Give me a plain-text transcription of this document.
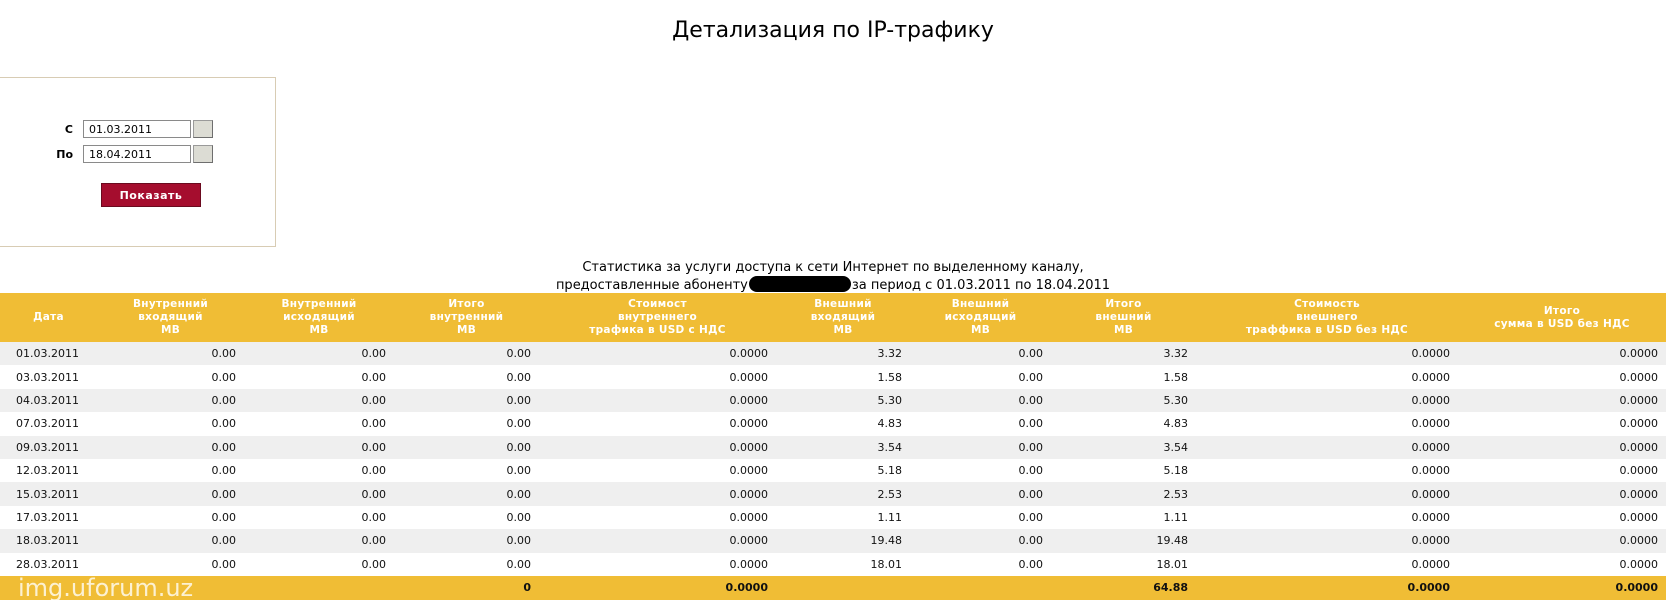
Детализация по IP-трафику
С
01.03.2011
По
18.04.2011
Показать
Статистика за услуги доступа к сети Интернет по выделенному каналу,
предоставленные абоненту	за период с 01.03.2011 по 18.04.2011
Дата	Внутренний
входящий
MB	Внутренний
исходящий
MB	Итого
внутренний
MB	Стоимост
внутреннего
трафика в USD с НДС	Внешний
входящий
MB	Внешний
исходящий
MB	Итого
внешний
MB	Стоимость
внешнего
траффика в USD без НДС	Итого
сумма в USD без НДС
01.03.2011	0.00	0.00	0.00	0.0000	3.32	0.00	3.32	0.0000	0.0000
03.03.2011	0.00	0.00	0.00	0.0000	1.58	0.00	1.58	0.0000	0.0000
04.03.2011	0.00	0.00	0.00	0.0000	5.30	0.00	5.30	0.0000	0.0000
07.03.2011	0.00	0.00	0.00	0.0000	4.83	0.00	4.83	0.0000	0.0000
09.03.2011	0.00	0.00	0.00	0.0000	3.54	0.00	3.54	0.0000	0.0000
12.03.2011	0.00	0.00	0.00	0.0000	5.18	0.00	5.18	0.0000	0.0000
15.03.2011	0.00	0.00	0.00	0.0000	2.53	0.00	2.53	0.0000	0.0000
17.03.2011	0.00	0.00	0.00	0.0000	1.11	0.00	1.11	0.0000	0.0000
18.03.2011	0.00	0.00	0.00	0.0000	19.48	0.00	19.48	0.0000	0.0000
28.03.2011	0.00	0.00	0.00	0.0000	18.01	0.00	18.01	0.0000	0.0000
			0	0.0000			64.88	0.0000	0.0000
img.uforum.uz
